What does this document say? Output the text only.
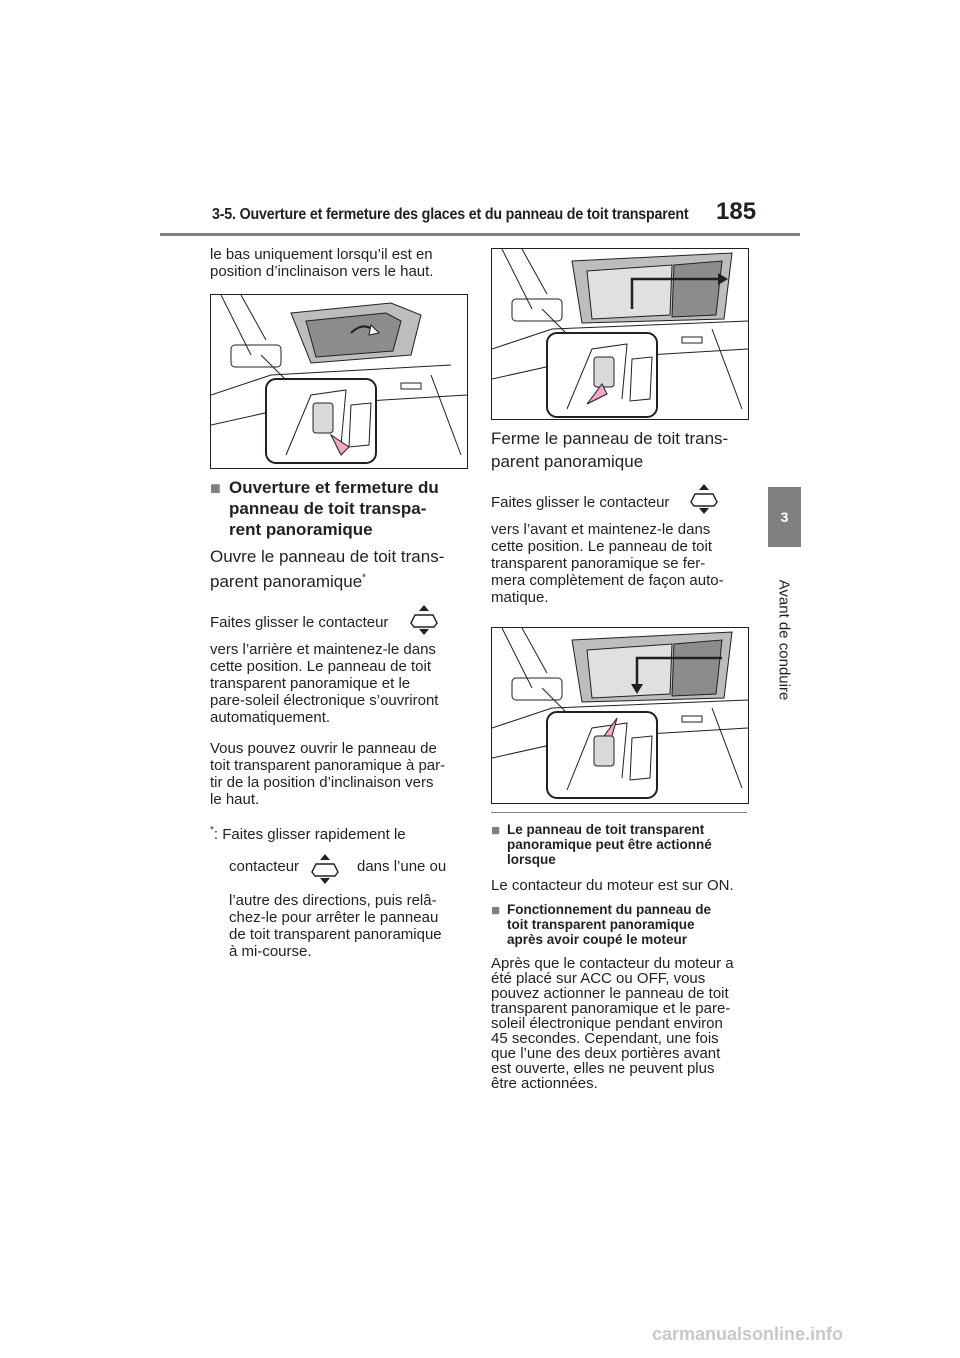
3-5. Ouverture et fermeture des glaces et du panneau de toit transparent 185
3
Avant de conduire
le bas uniquement lorsqu’il est en
position d’inclinaison vers le haut.
■ Ouverture et fermeture du
panneau de toit transpa-
rent panoramique
Ouvre le panneau de toit trans-
parent panoramique*
Faites glisser le contacteur
vers l’arrière et maintenez-le dans
cette position. Le panneau de toit
transparent panoramique et le
pare-soleil électronique s’ouvriront
automatiquement.
Vous pouvez ouvrir le panneau de
toit transparent panoramique à par-
tir de la position d’inclinaison vers
le haut.
*: Faites glisser rapidement le
contacteur	dans l’une ou
l’autre des directions, puis relâ-
chez-le pour arrêter le panneau
de toit transparent panoramique
à mi-course.
Ferme le panneau de toit trans-
parent panoramique
Faites glisser le contacteur
vers l’avant et maintenez-le dans
cette position. Le panneau de toit
transparent panoramique se fer-
mera complètement de façon auto-
matique.
■ Le panneau de toit transparent
panoramique peut être actionné
lorsque
Le contacteur du moteur est sur ON.
■ Fonctionnement du panneau de
toit transparent panoramique
après avoir coupé le moteur
Après que le contacteur du moteur a
été placé sur ACC ou OFF, vous
pouvez actionner le panneau de toit
transparent panoramique et le pare-
soleil électronique pendant environ
45 secondes. Cependant, une fois
que l’une des deux portières avant
est ouverte, elles ne peuvent plus
être actionnées.
carmanualsonline.info
